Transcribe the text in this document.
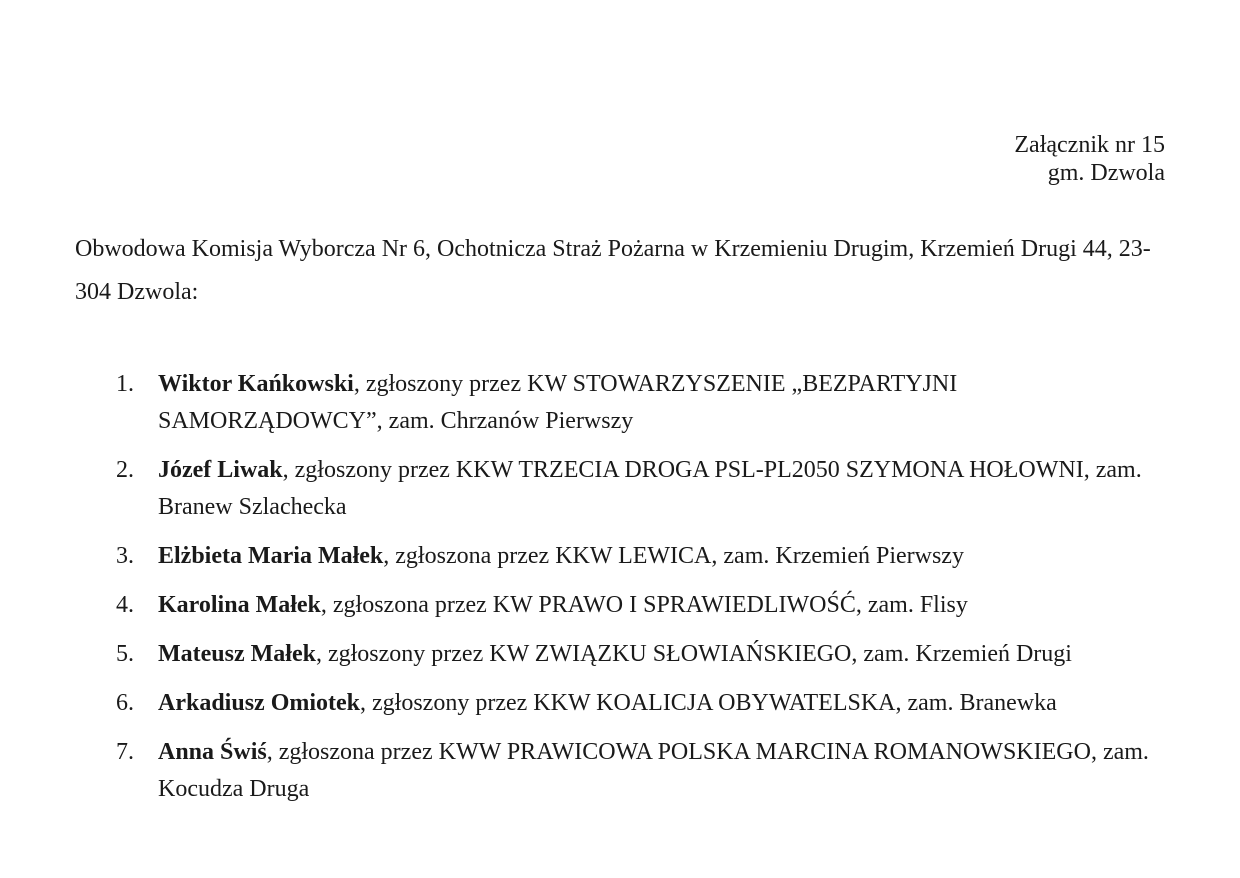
Załącznik nr 15
gm. Dzwola
Obwodowa Komisja Wyborcza Nr 6, Ochotnicza Straż Pożarna w Krzemieniu Drugim, Krzemień Drugi 44, 23-304 Dzwola:
1. Wiktor Kańkowski, zgłoszony przez KW STOWARZYSZENIE „BEZPARTYJNI SAMORZĄDOWCY”, zam. Chrzanów Pierwszy
2. Józef Liwak, zgłoszony przez KKW TRZECIA DROGA PSL-PL2050 SZYMONA HOŁOWNI, zam. Branew Szlachecka
3. Elżbieta Maria Małek, zgłoszona przez KKW LEWICA, zam. Krzemień Pierwszy
4. Karolina Małek, zgłoszona przez KW PRAWO I SPRAWIEDLIWOŚĆ, zam. Flisy
5. Mateusz Małek, zgłoszony przez KW ZWIĄZKU SŁOWIAŃSKIEGO, zam. Krzemień Drugi
6. Arkadiusz Omiotek, zgłoszony przez KKW KOALICJA OBYWATELSKA, zam. Branewka
7. Anna Świś, zgłoszona przez KWW PRAWICOWA POLSKA MARCINA ROMANOWSKIEGO, zam. Kocudza Druga
